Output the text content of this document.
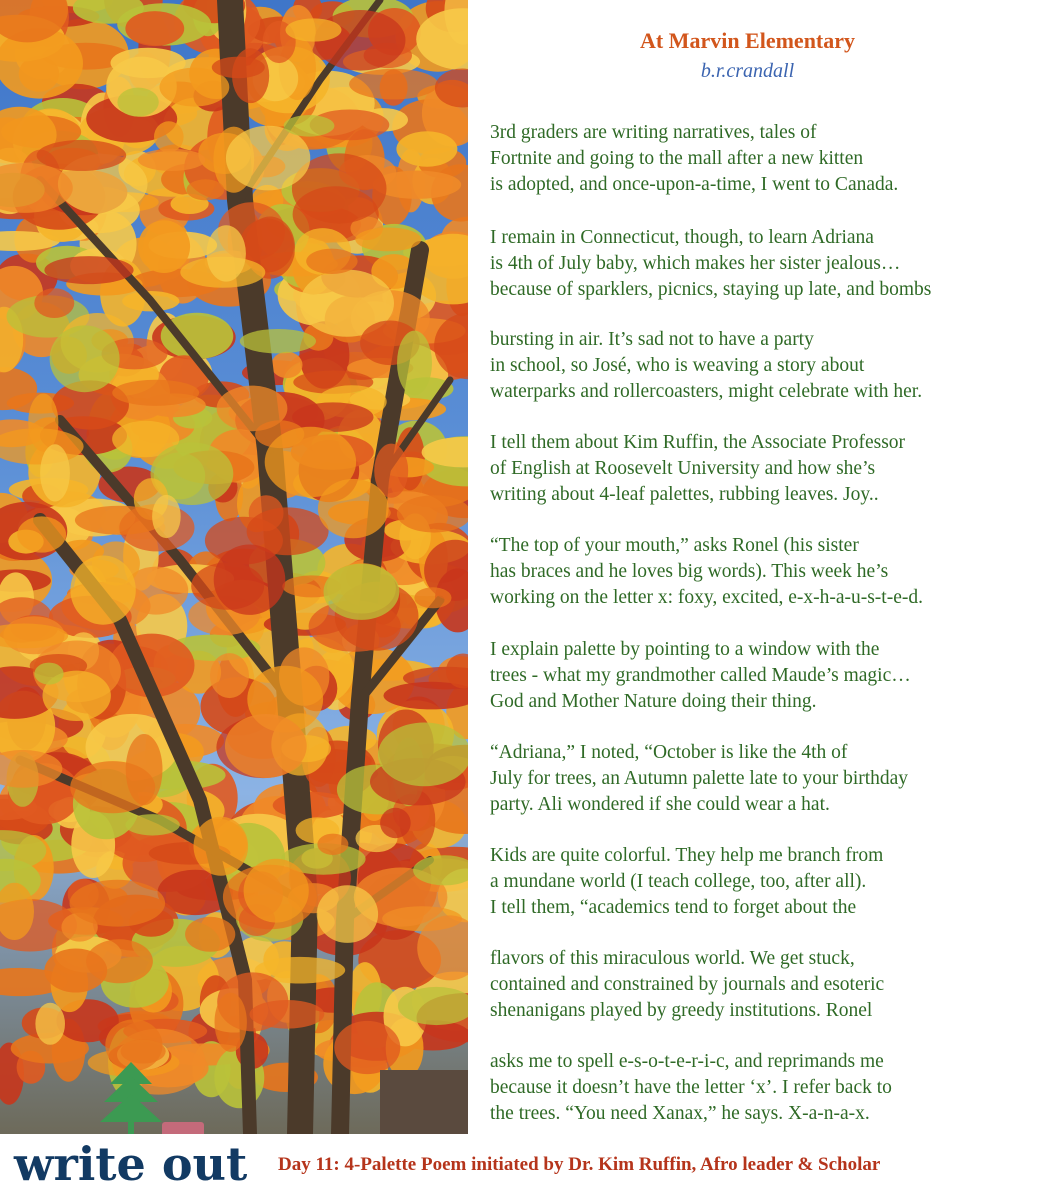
At Marvin Elementary
b.r.crandall
3rd graders are writing narratives, tales of
Fortnite and going to the mall after a new kitten
is adopted, and once-upon-a-time, I went to Canada.
I remain in Connecticut, though, to learn Adriana
is 4th of July baby, which makes her sister jealous…
because of sparklers, picnics, staying up late, and bombs
bursting in air. It’s sad not to have a party
in school, so José, who is weaving a story about
waterparks and rollercoasters, might celebrate with her.
I tell them about Kim Ruffin, the Associate Professor
of English at Roosevelt University and how she’s
writing about 4-leaf palettes, rubbing leaves. Joy..
“The top of your mouth,” asks Ronel (his sister
has braces and he loves big words). This week he’s
working on the letter x: foxy, excited, e-x-h-a-u-s-t-e-d.
I explain palette by pointing to a window with the
trees - what my grandmother called Maude’s magic…
God and Mother Nature doing their thing.
“Adriana,” I noted, “October is like the 4th of
July for trees, an Autumn palette late to your birthday
party. Ali wondered if she could wear a hat.
Kids are quite colorful. They help me branch from
a mundane world (I teach college, too, after all).
I tell them, “academics tend to forget about the
flavors of this miraculous world. We get stuck,
contained and constrained by journals and esoteric
shenanigans played by greedy institutions. Ronel
asks me to spell e-s-o-t-e-r-i-c, and reprimands me
because it doesn’t have the letter ‘x’. I refer back to
the trees. “You need Xanax,” he says. X-a-n-a-x.
write out Day 11: 4-Palette Poem initiated by Dr. Kim Ruffin, Afro leader & Scholar
